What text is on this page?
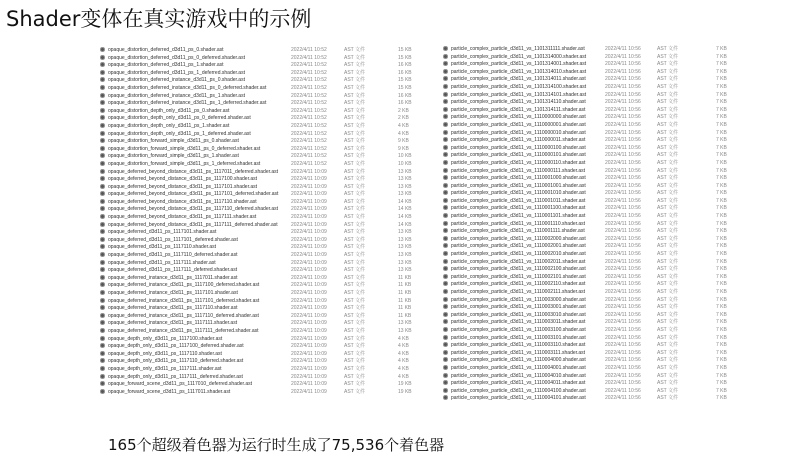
​
Shader变体在真实游戏中的示例
opaque_distortion_deferred_d3d11_ps_0.shader.ast	2022/4/11 10:52	AST 文件	15 KB
opaque_distortion_deferred_d3d11_ps_0_deferred.shader.ast	2022/4/11 10:52	AST 文件	15 KB
opaque_distortion_deferred_d3d11_ps_1.shader.ast	2022/4/11 10:52	AST 文件	16 KB
opaque_distortion_deferred_d3d11_ps_1_deferred.shader.ast	2022/4/11 10:52	AST 文件	16 KB
opaque_distortion_deferred_instance_d3d11_ps_0.shader.ast	2022/4/11 10:52	AST 文件	15 KB
opaque_distortion_deferred_instance_d3d11_ps_0_deferred.shader.ast	2022/4/11 10:52	AST 文件	15 KB
opaque_distortion_deferred_instance_d3d11_ps_1.shader.ast	2022/4/11 10:52	AST 文件	16 KB
opaque_distortion_deferred_instance_d3d11_ps_1_deferred.shader.ast	2022/4/11 10:52	AST 文件	16 KB
opaque_distortion_depth_only_d3d11_ps_0.shader.ast	2022/4/11 10:52	AST 文件	2 KB
opaque_distortion_depth_only_d3d11_ps_0_deferred.shader.ast	2022/4/11 10:52	AST 文件	2 KB
opaque_distortion_depth_only_d3d11_ps_1.shader.ast	2022/4/11 10:52	AST 文件	4 KB
opaque_distortion_depth_only_d3d11_ps_1_deferred.shader.ast	2022/4/11 10:52	AST 文件	4 KB
opaque_distortion_forward_simple_d3d11_ps_0.shader.ast	2022/4/11 10:52	AST 文件	9 KB
opaque_distortion_forward_simple_d3d11_ps_0_deferred.shader.ast	2022/4/11 10:52	AST 文件	9 KB
opaque_distortion_forward_simple_d3d11_ps_1.shader.ast	2022/4/11 10:52	AST 文件	10 KB
opaque_distortion_forward_simple_d3d11_ps_1_deferred.shader.ast	2022/4/11 10:52	AST 文件	10 KB
opaque_deferred_beyond_distance_d3d11_ps_1117011_deferred.shader.ast	2022/4/11 10:09	AST 文件	13 KB
opaque_deferred_beyond_distance_d3d11_ps_1117100.shader.ast	2022/4/11 10:09	AST 文件	13 KB
opaque_deferred_beyond_distance_d3d11_ps_1117101.shader.ast	2022/4/11 10:09	AST 文件	13 KB
opaque_deferred_beyond_distance_d3d11_ps_1117101_deferred.shader.ast	2022/4/11 10:09	AST 文件	13 KB
opaque_deferred_beyond_distance_d3d11_ps_1117110.shader.ast	2022/4/11 10:09	AST 文件	14 KB
opaque_deferred_beyond_distance_d3d11_ps_1117110_deferred.shader.ast	2022/4/11 10:09	AST 文件	14 KB
opaque_deferred_beyond_distance_d3d11_ps_1117111.shader.ast	2022/4/11 10:09	AST 文件	14 KB
opaque_deferred_beyond_distance_d3d11_ps_1117111_deferred.shader.ast	2022/4/11 10:09	AST 文件	14 KB
opaque_deferred_d3d11_ps_1117101.shader.ast	2022/4/11 10:09	AST 文件	13 KB
opaque_deferred_d3d11_ps_1117101_deferred.shader.ast	2022/4/11 10:09	AST 文件	13 KB
opaque_deferred_d3d11_ps_1117110.shader.ast	2022/4/11 10:09	AST 文件	13 KB
opaque_deferred_d3d11_ps_1117110_deferred.shader.ast	2022/4/11 10:09	AST 文件	13 KB
opaque_deferred_d3d11_ps_1117111.shader.ast	2022/4/11 10:09	AST 文件	13 KB
opaque_deferred_d3d11_ps_1117111_deferred.shader.ast	2022/4/11 10:09	AST 文件	13 KB
opaque_deferred_instance_d3d11_ps_1117011.shader.ast	2022/4/11 10:09	AST 文件	11 KB
opaque_deferred_instance_d3d11_ps_1117100_deferred.shader.ast	2022/4/11 10:09	AST 文件	11 KB
opaque_deferred_instance_d3d11_ps_1117101.shader.ast	2022/4/11 10:09	AST 文件	11 KB
opaque_deferred_instance_d3d11_ps_1117101_deferred.shader.ast	2022/4/11 10:09	AST 文件	11 KB
opaque_deferred_instance_d3d11_ps_1117110.shader.ast	2022/4/11 10:09	AST 文件	11 KB
opaque_deferred_instance_d3d11_ps_1117110_deferred.shader.ast	2022/4/11 10:09	AST 文件	11 KB
opaque_deferred_instance_d3d11_ps_1117111.shader.ast	2022/4/11 10:09	AST 文件	13 KB
opaque_deferred_instance_d3d11_ps_1117111_deferred.shader.ast	2022/4/11 10:09	AST 文件	13 KB
opaque_depth_only_d3d11_ps_1117100.shader.ast	2022/4/11 10:09	AST 文件	4 KB
opaque_depth_only_d3d11_ps_1117100_deferred.shader.ast	2022/4/11 10:09	AST 文件	4 KB
opaque_depth_only_d3d11_ps_1117110.shader.ast	2022/4/11 10:09	AST 文件	4 KB
opaque_depth_only_d3d11_ps_1117110_deferred.shader.ast	2022/4/11 10:09	AST 文件	4 KB
opaque_depth_only_d3d11_ps_1117111.shader.ast	2022/4/11 10:09	AST 文件	4 KB
opaque_depth_only_d3d11_ps_1117111_deferred.shader.ast	2022/4/11 10:09	AST 文件	4 KB
opaque_forward_scene_d3d11_ps_1117010_deferred.shader.ast	2022/4/11 10:09	AST 文件	19 KB
opaque_forward_scene_d3d11_ps_1117011.shader.ast	2022/4/11 10:09	AST 文件	19 KB
particle_complex_particle_d3d11_vs_1101311111.shader.ast	2022/4/11 10:56	AST 文件	7 KB
particle_complex_particle_d3d11_vs_1101314000.shader.ast	2022/4/11 10:56	AST 文件	7 KB
particle_complex_particle_d3d11_vs_1101314001.shader.ast	2022/4/11 10:56	AST 文件	7 KB
particle_complex_particle_d3d11_vs_1101314010.shader.ast	2022/4/11 10:56	AST 文件	7 KB
particle_complex_particle_d3d11_vs_1101314011.shader.ast	2022/4/11 10:56	AST 文件	7 KB
particle_complex_particle_d3d11_vs_1101314100.shader.ast	2022/4/11 10:56	AST 文件	7 KB
particle_complex_particle_d3d11_vs_1101314101.shader.ast	2022/4/11 10:56	AST 文件	7 KB
particle_complex_particle_d3d11_vs_1101314110.shader.ast	2022/4/11 10:56	AST 文件	7 KB
particle_complex_particle_d3d11_vs_1101314111.shader.ast	2022/4/11 10:56	AST 文件	7 KB
particle_complex_particle_d3d11_vs_1110000000.shader.ast	2022/4/11 10:56	AST 文件	7 KB
particle_complex_particle_d3d11_vs_1110000001.shader.ast	2022/4/11 10:56	AST 文件	7 KB
particle_complex_particle_d3d11_vs_1110000010.shader.ast	2022/4/11 10:56	AST 文件	7 KB
particle_complex_particle_d3d11_vs_1110000011.shader.ast	2022/4/11 10:56	AST 文件	7 KB
particle_complex_particle_d3d11_vs_1110000100.shader.ast	2022/4/11 10:56	AST 文件	7 KB
particle_complex_particle_d3d11_vs_1110000101.shader.ast	2022/4/11 10:56	AST 文件	7 KB
particle_complex_particle_d3d11_vs_1110000110.shader.ast	2022/4/11 10:56	AST 文件	7 KB
particle_complex_particle_d3d11_vs_1110000111.shader.ast	2022/4/11 10:56	AST 文件	7 KB
particle_complex_particle_d3d11_vs_1110001000.shader.ast	2022/4/11 10:56	AST 文件	7 KB
particle_complex_particle_d3d11_vs_1110001001.shader.ast	2022/4/11 10:56	AST 文件	7 KB
particle_complex_particle_d3d11_vs_1110001010.shader.ast	2022/4/11 10:56	AST 文件	7 KB
particle_complex_particle_d3d11_vs_1110001011.shader.ast	2022/4/11 10:56	AST 文件	7 KB
particle_complex_particle_d3d11_vs_1110001100.shader.ast	2022/4/11 10:56	AST 文件	7 KB
particle_complex_particle_d3d11_vs_1110001101.shader.ast	2022/4/11 10:56	AST 文件	7 KB
particle_complex_particle_d3d11_vs_1110001110.shader.ast	2022/4/11 10:56	AST 文件	7 KB
particle_complex_particle_d3d11_vs_1110001111.shader.ast	2022/4/11 10:56	AST 文件	7 KB
particle_complex_particle_d3d11_vs_1110002000.shader.ast	2022/4/11 10:56	AST 文件	7 KB
particle_complex_particle_d3d11_vs_1110002001.shader.ast	2022/4/11 10:56	AST 文件	7 KB
particle_complex_particle_d3d11_vs_1110002010.shader.ast	2022/4/11 10:56	AST 文件	7 KB
particle_complex_particle_d3d11_vs_1110002011.shader.ast	2022/4/11 10:56	AST 文件	7 KB
particle_complex_particle_d3d11_vs_1110002100.shader.ast	2022/4/11 10:56	AST 文件	7 KB
particle_complex_particle_d3d11_vs_1110002101.shader.ast	2022/4/11 10:56	AST 文件	7 KB
particle_complex_particle_d3d11_vs_1110002110.shader.ast	2022/4/11 10:56	AST 文件	7 KB
particle_complex_particle_d3d11_vs_1110002111.shader.ast	2022/4/11 10:56	AST 文件	7 KB
particle_complex_particle_d3d11_vs_1110003000.shader.ast	2022/4/11 10:56	AST 文件	7 KB
particle_complex_particle_d3d11_vs_1110003001.shader.ast	2022/4/11 10:56	AST 文件	7 KB
particle_complex_particle_d3d11_vs_1110003010.shader.ast	2022/4/11 10:56	AST 文件	7 KB
particle_complex_particle_d3d11_vs_1110003011.shader.ast	2022/4/11 10:56	AST 文件	7 KB
particle_complex_particle_d3d11_vs_1110003100.shader.ast	2022/4/11 10:56	AST 文件	7 KB
particle_complex_particle_d3d11_vs_1110003101.shader.ast	2022/4/11 10:56	AST 文件	7 KB
particle_complex_particle_d3d11_vs_1110003110.shader.ast	2022/4/11 10:56	AST 文件	7 KB
particle_complex_particle_d3d11_vs_1110003111.shader.ast	2022/4/11 10:56	AST 文件	7 KB
particle_complex_particle_d3d11_vs_1110004000.shader.ast	2022/4/11 10:56	AST 文件	7 KB
particle_complex_particle_d3d11_vs_1110004001.shader.ast	2022/4/11 10:56	AST 文件	7 KB
particle_complex_particle_d3d11_vs_1110004010.shader.ast	2022/4/11 10:56	AST 文件	7 KB
particle_complex_particle_d3d11_vs_1110004011.shader.ast	2022/4/11 10:56	AST 文件	7 KB
particle_complex_particle_d3d11_vs_1110004100.shader.ast	2022/4/11 10:56	AST 文件	7 KB
particle_complex_particle_d3d11_vs_1110004101.shader.ast	2022/4/11 10:56	AST 文件	7 KB
165个超级着色器为运行时生成了75,536个着色器
